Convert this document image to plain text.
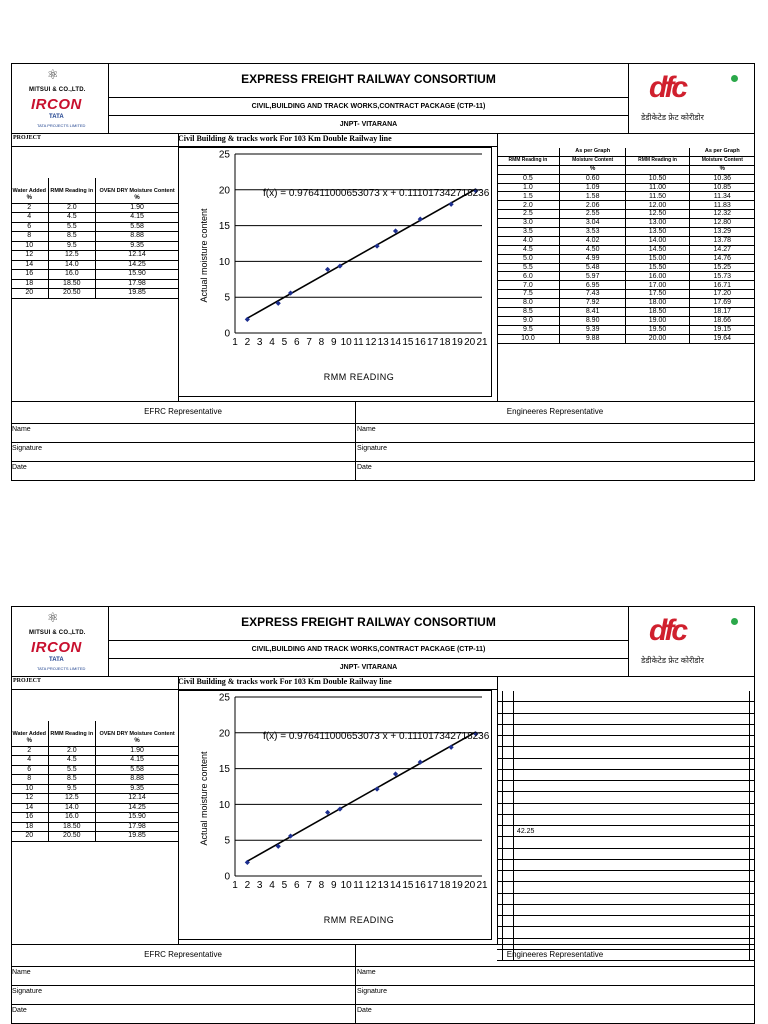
⚛
MITSUI & CO.,LTD.
IRCON
TATA
TATA PROJECTS LIMITED
EXPRESS FREIGHT RAILWAY CONSORTIUM
CIVIL,BUILDING AND TRACK WORKS,CONTRACT PACKAGE (CTP-11)
JNPT- VITARANA
dfc
डेडीकेटेड फ्रेट कोरीडोर
PROJECT	Civil Building & tracks work For 103 Km Double Railway line
Water Added	RMM Reading in	OVEN DRY Moisture Content
%		%
2	2.0	1.90
4	4.5	4.15
6	5.5	5.58
8	8.5	8.88
10	9.5	9.35
12	12.5	12.14
14	14.0	14.25
16	16.0	15.90
18	18.50	17.98
20	20.50	19.85
0
5
10
15
20
25
1 2 3 4 5 6 7 8 9 10 11 12 13 14 15 16 17 18 19 20 21
f(x) = 0.976411000653073 x + 0.111017342718236
RMM READING
Actual moisture content
	As per Graph		As per Graph
RMM Reading in	Moisture Content	RMM Reading in	Moisture Content
	%		%
0.5	0.60	10.50	10.36
1.0	1.09	11.00	10.85
1.5	1.58	11.50	11.34
2.0	2.06	12.00	11.83
2.5	2.55	12.50	12.32
3.0	3.04	13.00	12.80
3.5	3.53	13.50	13.29
4.0	4.02	14.00	13.78
4.5	4.50	14.50	14.27
5.0	4.99	15.00	14.76
5.5	5.48	15.50	15.25
6.0	5.97	16.00	15.73
7.0	6.95	17.00	16.71
7.5	7.43	17.50	17.20
8.0	7.92	18.00	17.69
8.5	8.41	18.50	18.17
9.0	8.90	19.00	18.66
9.5	9.39	19.50	19.15
10.0	9.88	20.00	19.64
EFRC Representative	Engineeres Representative
Name	Name
Signature	Signature
Date	Date
⚛
MITSUI & CO.,LTD.
IRCON
TATA
TATA PROJECTS LIMITED
EXPRESS FREIGHT RAILWAY CONSORTIUM
CIVIL,BUILDING AND TRACK WORKS,CONTRACT PACKAGE (CTP-11)
JNPT- VITARANA
dfc
डेडीकेटेड फ्रेट कोरीडोर
PROJECT	Civil Building & tracks work For 103 Km Double Railway line
Water Added	RMM Reading in	OVEN DRY Moisture Content
%		%
2	2.0	1.90
4	4.5	4.15
6	5.5	5.58
8	8.5	8.88
10	9.5	9.35
12	12.5	12.14
14	14.0	14.25
16	16.0	15.90
18	18.50	17.98
20	20.50	19.85
0
5
10
15
20
25
1 2 3 4 5 6 7 8 9 10 11 12 13 14 15 16 17 18 19 20 21
f(x) = 0.976411000653073 x + 0.111017342718236
RMM READING
Actual moisture content

			42.25	

EFRC Representative	Engineeres Representative
Name	Name
Signature	Signature
Date	Date
